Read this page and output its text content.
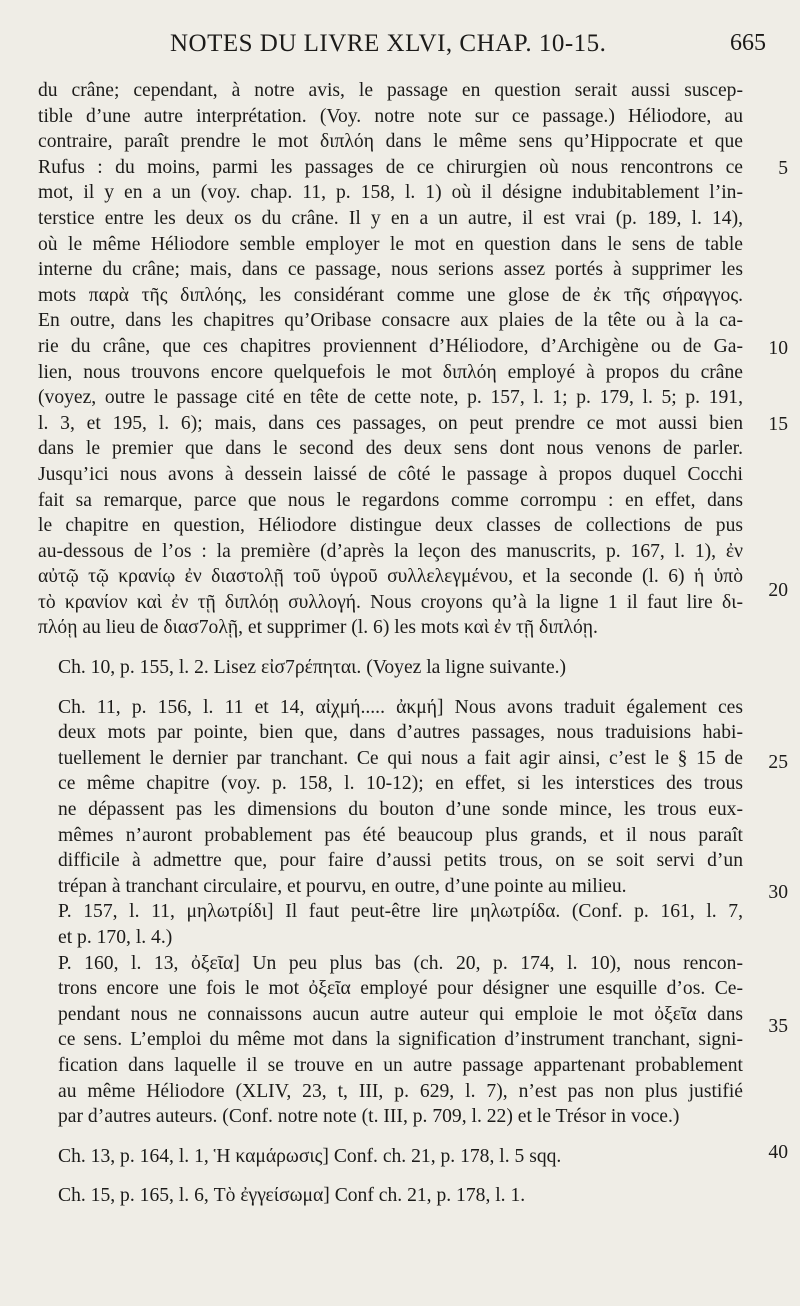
NOTES DU LIVRE XLVI, CHAP. 10-15.	665
du crâne; cependant, à notre avis, le passage en question serait aussi suscep-
tible d’une autre interprétation. (Voy. notre note sur ce passage.) Héliodore, au
contraire, paraît prendre le mot διπλόη dans le même sens qu’Hippocrate et que
Rufus : du moins, parmi les passages de ce chirurgien où nous rencontrons ce
mot, il y en a un (voy. chap. 11, p. 158, l. 1) où il désigne indubitablement l’in-
terstice entre les deux os du crâne. Il y en a un autre, il est vrai (p. 189, l. 14),
où le même Héliodore semble employer le mot en question dans le sens de table
interne du crâne; mais, dans ce passage, nous serions assez portés à supprimer les
mots παρὰ τῆς διπλόης, les considérant comme une glose de ἐκ τῆς σήραγγος.
En outre, dans les chapitres qu’Oribase consacre aux plaies de la tête ou à la ca-
rie du crâne, que ces chapitres proviennent d’Héliodore, d’Archigène ou de Ga-
lien, nous trouvons encore quelquefois le mot διπλόη employé à propos du crâne
(voyez, outre le passage cité en tête de cette note, p. 157, l. 1; p. 179, l. 5; p. 191,
l. 3, et 195, l. 6); mais, dans ces passages, on peut prendre ce mot aussi bien
dans le premier que dans le second des deux sens dont nous venons de parler.
Jusqu’ici nous avons à dessein laissé de côté le passage à propos duquel Cocchi
fait sa remarque, parce que nous le regardons comme corrompu : en effet, dans
le chapitre en question, Héliodore distingue deux classes de collections de pus
au-dessous de l’os : la première (d’après la leçon des manuscrits, p. 167, l. 1), ἐν
αὐτῷ τῷ κρανίῳ ἐν διαστολῇ τοῦ ὑγροῦ συλλελεγμένου, et la seconde (l. 6) ἡ ὑπὸ
τὸ κρανίον καὶ ἐν τῇ διπλόῃ συλλογή. Nous croyons qu’à la ligne 1 il faut lire δι-
πλόῃ au lieu de διασ7ολῇ, et supprimer (l. 6) les mots καὶ ἐν τῇ διπλόῃ.
Ch. 10, p. 155, l. 2. Lisez εἰσ7ρέπηται. (Voyez la ligne suivante.)
Ch. 11, p. 156, l. 11 et 14, αἰχμή..... ἀκμή] Nous avons traduit également ces
deux mots par pointe, bien que, dans d’autres passages, nous traduisions habi-
tuellement le dernier par tranchant. Ce qui nous a fait agir ainsi, c’est le § 15 de
ce même chapitre (voy. p. 158, l. 10-12); en effet, si les interstices des trous
ne dépassent pas les dimensions du bouton d’une sonde mince, les trous eux-
mêmes n’auront probablement pas été beaucoup plus grands, et il nous paraît
difficile à admettre que, pour faire d’aussi petits trous, on se soit servi d’un
trépan à tranchant circulaire, et pourvu, en outre, d’une pointe au milieu.
P. 157, l. 11, μηλωτρίδι] Il faut peut-être lire μηλωτρίδα. (Conf. p. 161, l. 7,
et p. 170, l. 4.)
P. 160, l. 13, ὀξεῖα] Un peu plus bas (ch. 20, p. 174, l. 10), nous rencon-
trons encore une fois le mot ὀξεῖα employé pour désigner une esquille d’os. Ce-
pendant nous ne connaissons aucun autre auteur qui emploie le mot ὀξεῖα dans
ce sens. L’emploi du même mot dans la signification d’instrument tranchant, signi-
fication dans laquelle il se trouve en un autre passage appartenant probablement
au même Héliodore (XLIV, 23, t, III, p. 629, l. 7), n’est pas non plus justifié
par d’autres auteurs. (Conf. notre note (t. III, p. 709, l. 22) et le Trésor in voce.)
Ch. 13, p. 164, l. 1, Ἡ καμάρωσις] Conf. ch. 21, p. 178, l. 5 sqq.
Ch. 15, p. 165, l. 6, Τὸ ἐγγείσωμα] Conf ch. 21, p. 178, l. 1.
5
10
15
20
25
30
35
40
